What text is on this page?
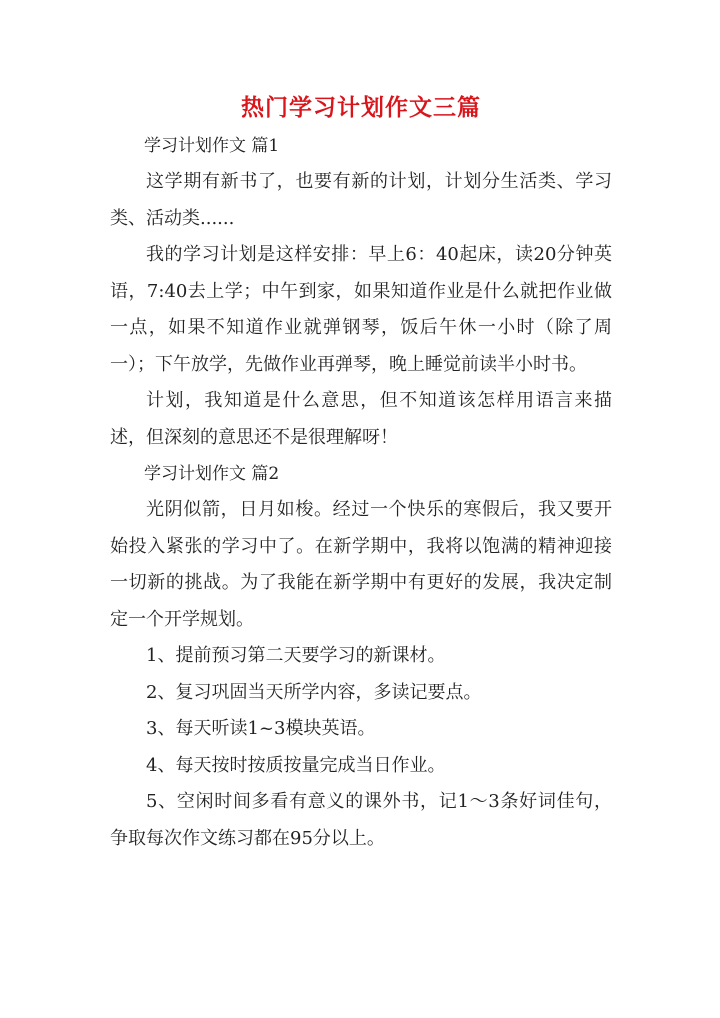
热门学习计划作文三篇

学习计划作文 篇1

这学期有新书了，也要有新的计划，计划分生活类、学习类、活动类......

我的学习计划是这样安排：早上6：40起床，读20分钟英语，7:40去上学；中午到家，如果知道作业是什么就把作业做一点，如果不知道作业就弹钢琴，饭后午休一小时（除了周一）；下午放学，先做作业再弹琴，晚上睡觉前读半小时书。

计划，我知道是什么意思，但不知道该怎样用语言来描述，但深刻的意思还不是很理解呀！

学习计划作文 篇2

光阴似箭，日月如梭。经过一个快乐的寒假后，我又要开始投入紧张的学习中了。在新学期中，我将以饱满的精神迎接一切新的挑战。为了我能在新学期中有更好的发展，我决定制定一个开学规划。

1、提前预习第二天要学习的新课材。

2、复习巩固当天所学内容，多读记要点。

3、每天听读1~3模块英语。

4、每天按时按质按量完成当日作业。

5、空闲时间多看有意义的课外书，记1～3条好词佳句，争取每次作文练习都在95分以上。
